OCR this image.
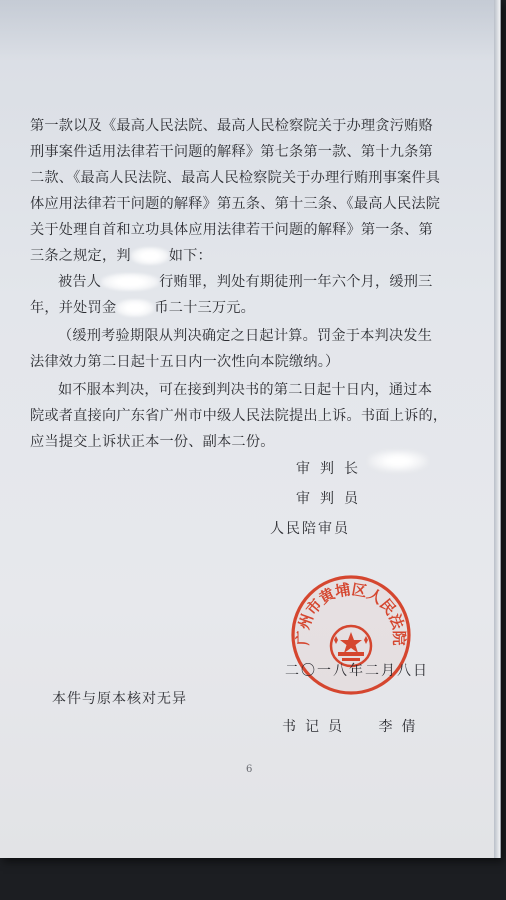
第一款以及《最高人民法院、最高人民检察院关于办理贪污贿赂
刑事案件适用法律若干问题的解释》第七条第一款、第十九条第
二款、《最高人民法院、最高人民检察院关于办理行贿刑事案件具
体应用法律若干问题的解释》第五条、第十三条、《最高人民法院
关于处理自首和立功具体应用法律若干问题的解释》第一条、第
三条之规定，判	如下：
被告人	行贿罪，判处有期徒刑一年六个月，缓刑三
年，并处罚金	币二十三万元。
（缓刑考验期限从判决确定之日起计算。罚金于本判决发生
法律效力第二日起十五日内一次性向本院缴纳。）
如不服本判决，可在接到判决书的第二日起十日内，通过本
院或者直接向广东省广州市中级人民法院提出上诉。书面上诉的，
应当提交上诉状正本一份、副本二份。
审判长
审判员
人民陪审员
广州市黄埔区人民法院
二〇一八年二月八日
本件与原本核对无异
书记员 李倩
6
